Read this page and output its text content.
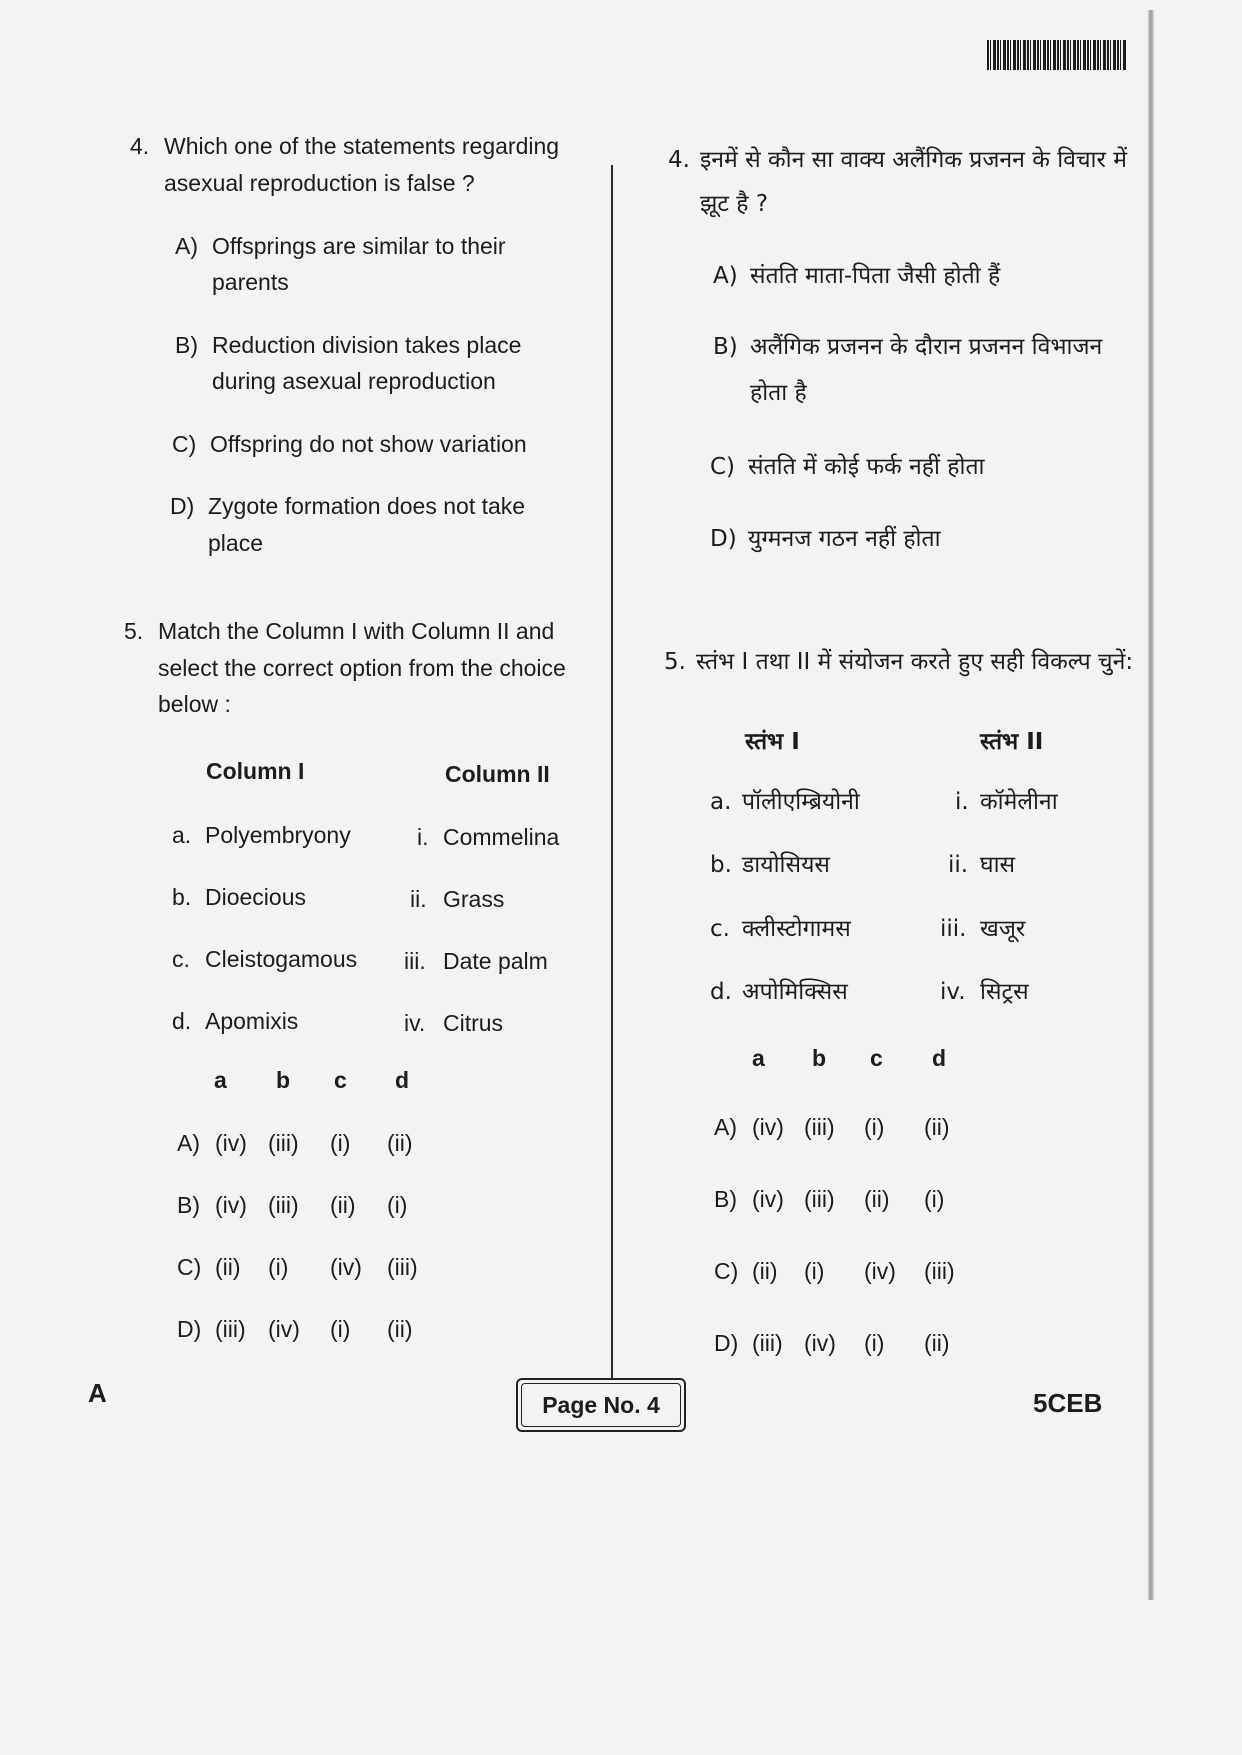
4. Which one of the statements regarding
asexual reproduction is false ?
A) Offsprings are similar to their
parents
B) Reduction division takes place
during asexual reproduction
C) Offspring do not show variation
D) Zygote formation does not take
place
5. Match the Column I with Column II and
select the correct option from the choice
below :
Column I	Column II
a. Polyembryony	i. Commelina
b. Dioecious	ii. Grass
c. Cleistogamous iii. Date palm
d. Apomixis	iv. Citrus
a b c d
A) (iv) (iii) (i) (ii)
B) (iv) (iii) (ii) (i)
C) (ii) (i) (iv) (iii)
D) (iii) (iv) (i) (ii)
4. इनमें से कौन सा वाक्य अलैंगिक प्रजनन के विचार में
झूट है ?
A) संतति माता-पिता जैसी होती हैं
B) अलैंगिक प्रजनन के दौरान प्रजनन विभाजन
होता है
C) संतति में कोई फर्क नहीं होता
D) युग्मनज गठन नहीं होता
5. स्तंभ I तथा II में संयोजन करते हुए सही विकल्प चुनें:
स्तंभ I	स्तंभ II
a. पॉलीएम्ब्रियोनी	i. कॉमेलीना
b. डायोसियस	ii. घास
c. क्लीस्टोगामस	iii. खजूर
d. अपोमिक्सिस	iv. सिट्रस
a b c d
A) (iv) (iii) (i) (ii)
B) (iv) (iii) (ii) (i)
C) (ii) (i) (iv) (iii)
D) (iii) (iv) (i) (ii)
A	Page No. 4	5CEB
